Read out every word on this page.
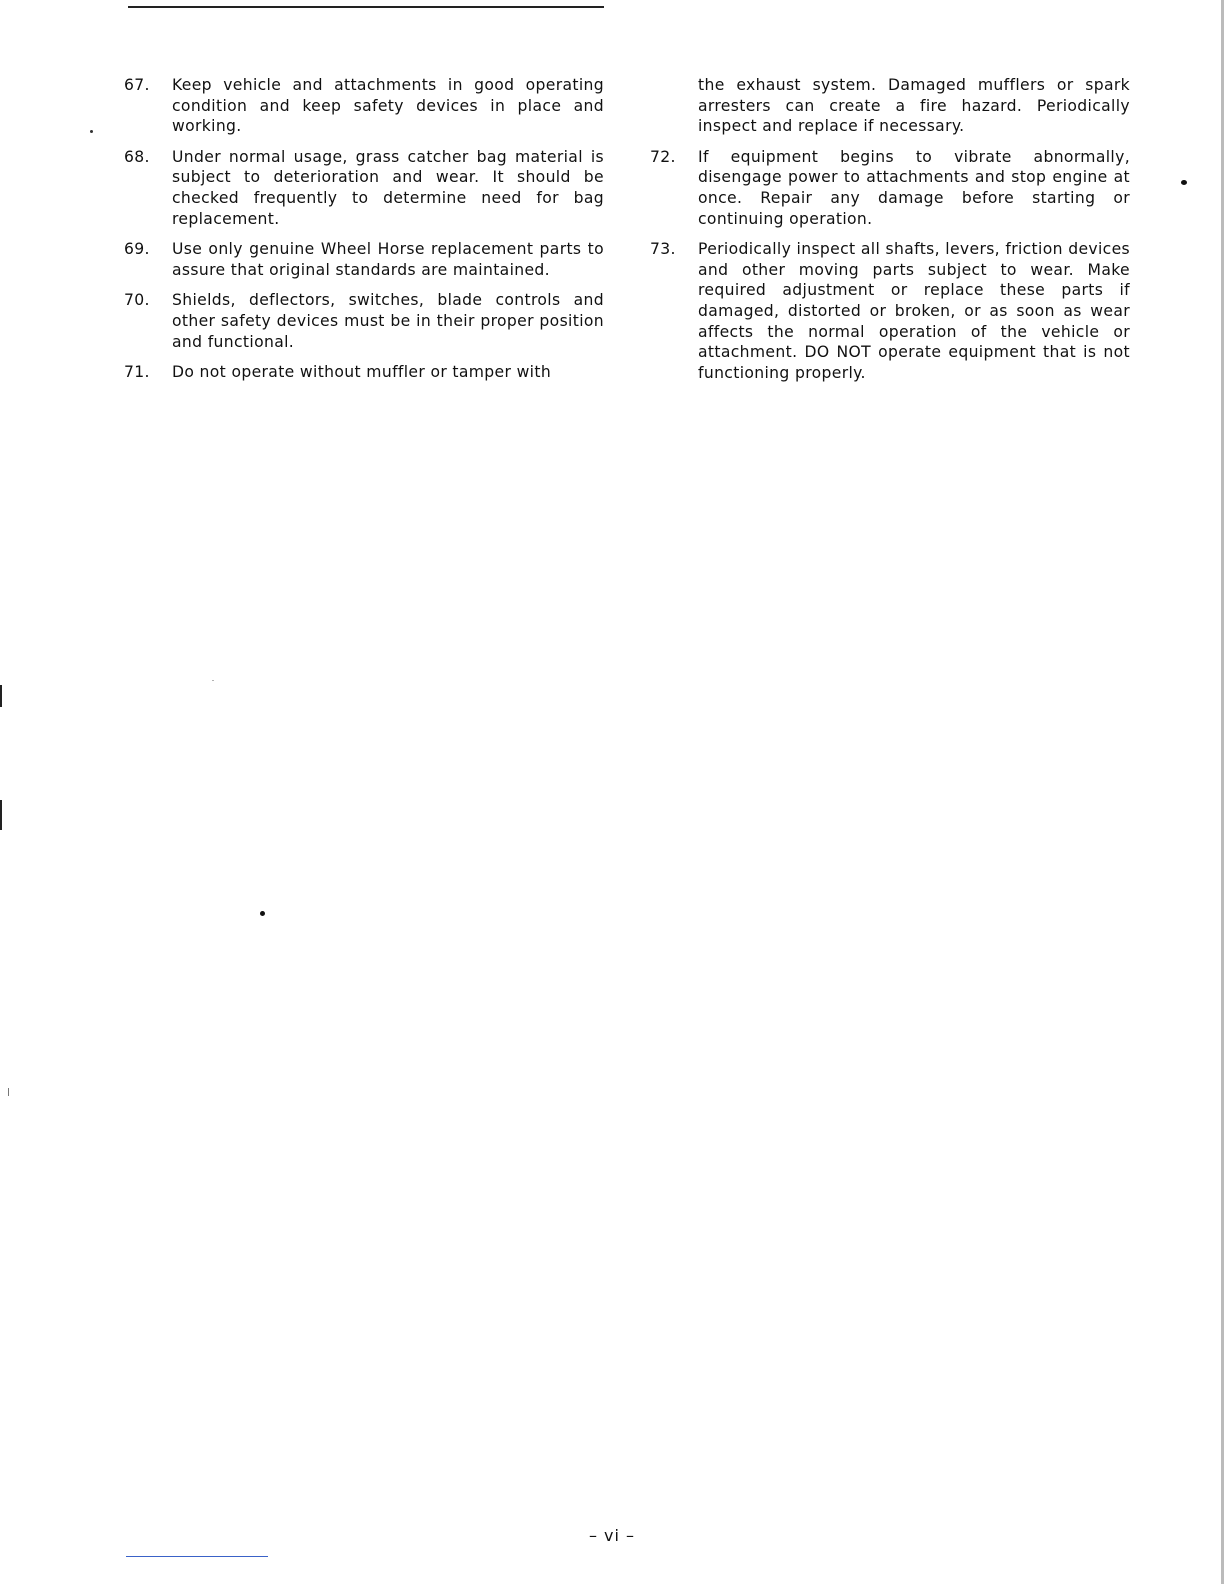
67.	Keep vehicle and attachments in good operating condition and keep safety devices in place and working.
68.	Under normal usage, grass catcher bag material is subject to deterioration and wear. It should be checked frequently to determine need for bag replacement.
69.	Use only genuine Wheel Horse replacement parts to assure that original standards are maintained.
70.	Shields, deflectors, switches, blade controls and other safety devices must be in their proper position and functional.
71.	Do not operate without muffler or tamper with
the exhaust system. Damaged mufflers or spark arresters can create a fire hazard. Periodically inspect and replace if necessary.
72.	If equipment begins to vibrate abnormally, disengage power to attachments and stop engine at once. Repair any damage before starting or continuing operation.
73.	Periodically inspect all shafts, levers, friction devices and other moving parts subject to wear. Make required adjustment or replace these parts if damaged, distorted or broken, or as soon as wear affects the normal operation of the vehicle or attachment. DO NOT operate equipment that is not functioning properly.
– vi –
